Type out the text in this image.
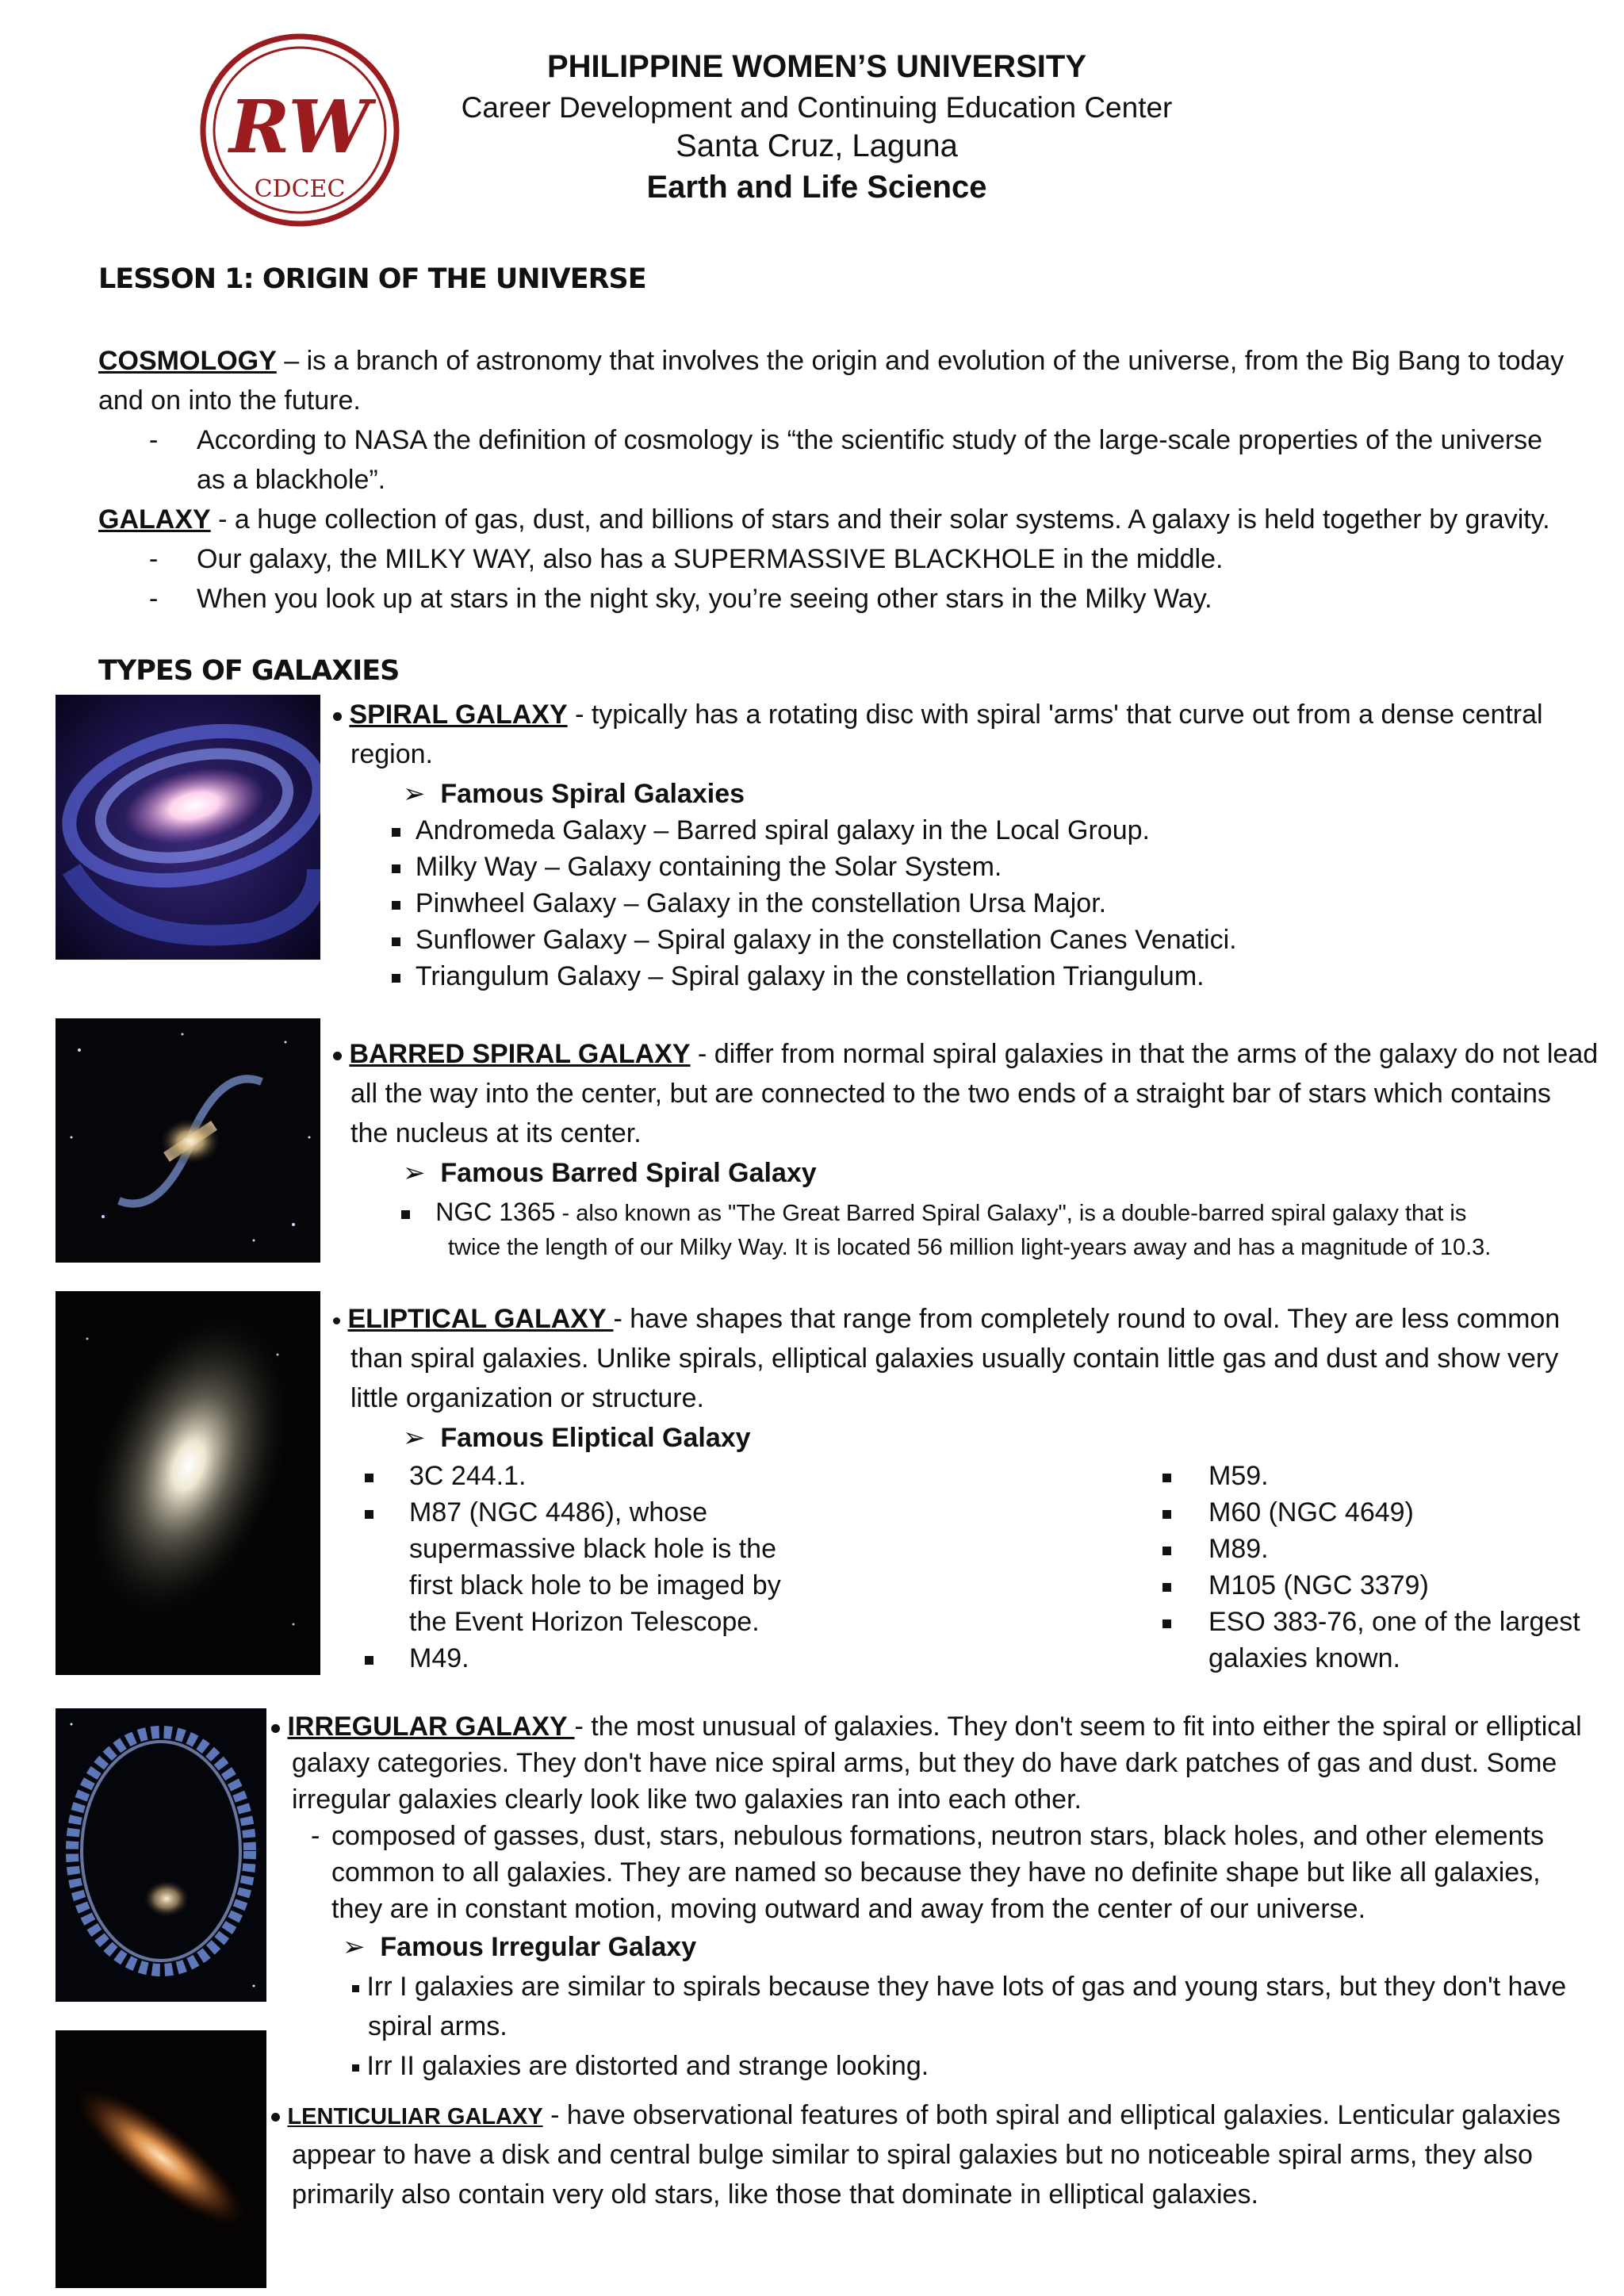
RW
CDCEC
PHILIPPINE WOMEN’S UNIVERSITY
Career Development and Continuing Education Center
Santa Cruz, Laguna
Earth and Life Science
LESSON 1: ORIGIN OF THE UNIVERSE
COSMOLOGY – is a branch of astronomy that involves the origin and evolution of the universe, from the Big Bang to today
and on into the future.
- According to NASA the definition of cosmology is “the scientific study of the large-scale properties of the universe
as a blackhole”.
GALAXY - a huge collection of gas, dust, and billions of stars and their solar systems. A galaxy is held together by gravity.
- Our galaxy, the MILKY WAY, also has a SUPERMASSIVE BLACKHOLE in the middle.
- When you look up at stars in the night sky, you’re seeing other stars in the Milky Way.
TYPES OF GALAXIES
SPIRAL GALAXY - typically has a rotating disc with spiral 'arms' that curve out from a dense central
region.
➢ Famous Spiral Galaxies
Andromeda Galaxy – Barred spiral galaxy in the Local Group.
Milky Way – Galaxy containing the Solar System.
Pinwheel Galaxy – Galaxy in the constellation Ursa Major.
Sunflower Galaxy – Spiral galaxy in the constellation Canes Venatici.
Triangulum Galaxy – Spiral galaxy in the constellation Triangulum.
BARRED SPIRAL GALAXY - differ from normal spiral galaxies in that the arms of the galaxy do not lead
all the way into the center, but are connected to the two ends of a straight bar of stars which contains
the nucleus at its center.
➢ Famous Barred Spiral Galaxy
NGC 1365 - also known as "The Great Barred Spiral Galaxy", is a double-barred spiral galaxy that is
twice the length of our Milky Way. It is located 56 million light-years away and has a magnitude of 10.3.
ELIPTICAL GALAXY - have shapes that range from completely round to oval. They are less common
than spiral galaxies. Unlike spirals, elliptical galaxies usually contain little gas and dust and show very
little organization or structure.
➢ Famous Eliptical Galaxy
3C 244.1.
M87 (NGC 4486), whose
supermassive black hole is the
first black hole to be imaged by
the Event Horizon Telescope.
M49.
M59.
M60 (NGC 4649)
M89.
M105 (NGC 3379)
ESO 383-76, one of the largest
galaxies known.
IRREGULAR GALAXY - the most unusual of galaxies. They don't seem to fit into either the spiral or elliptical
galaxy categories. They don't have nice spiral arms, but they do have dark patches of gas and dust. Some
irregular galaxies clearly look like two galaxies ran into each other.
- composed of gasses, dust, stars, nebulous formations, neutron stars, black holes, and other elements
common to all galaxies. They are named so because they have no definite shape but like all galaxies,
they are in constant motion, moving outward and away from the center of our universe.
➢ Famous Irregular Galaxy
Irr I galaxies are similar to spirals because they have lots of gas and young stars, but they don't have
spiral arms.
Irr II galaxies are distorted and strange looking.
LENTICULIAR GALAXY - have observational features of both spiral and elliptical galaxies. Lenticular galaxies
appear to have a disk and central bulge similar to spiral galaxies but no noticeable spiral arms, they also
primarily also contain very old stars, like those that dominate in elliptical galaxies.
